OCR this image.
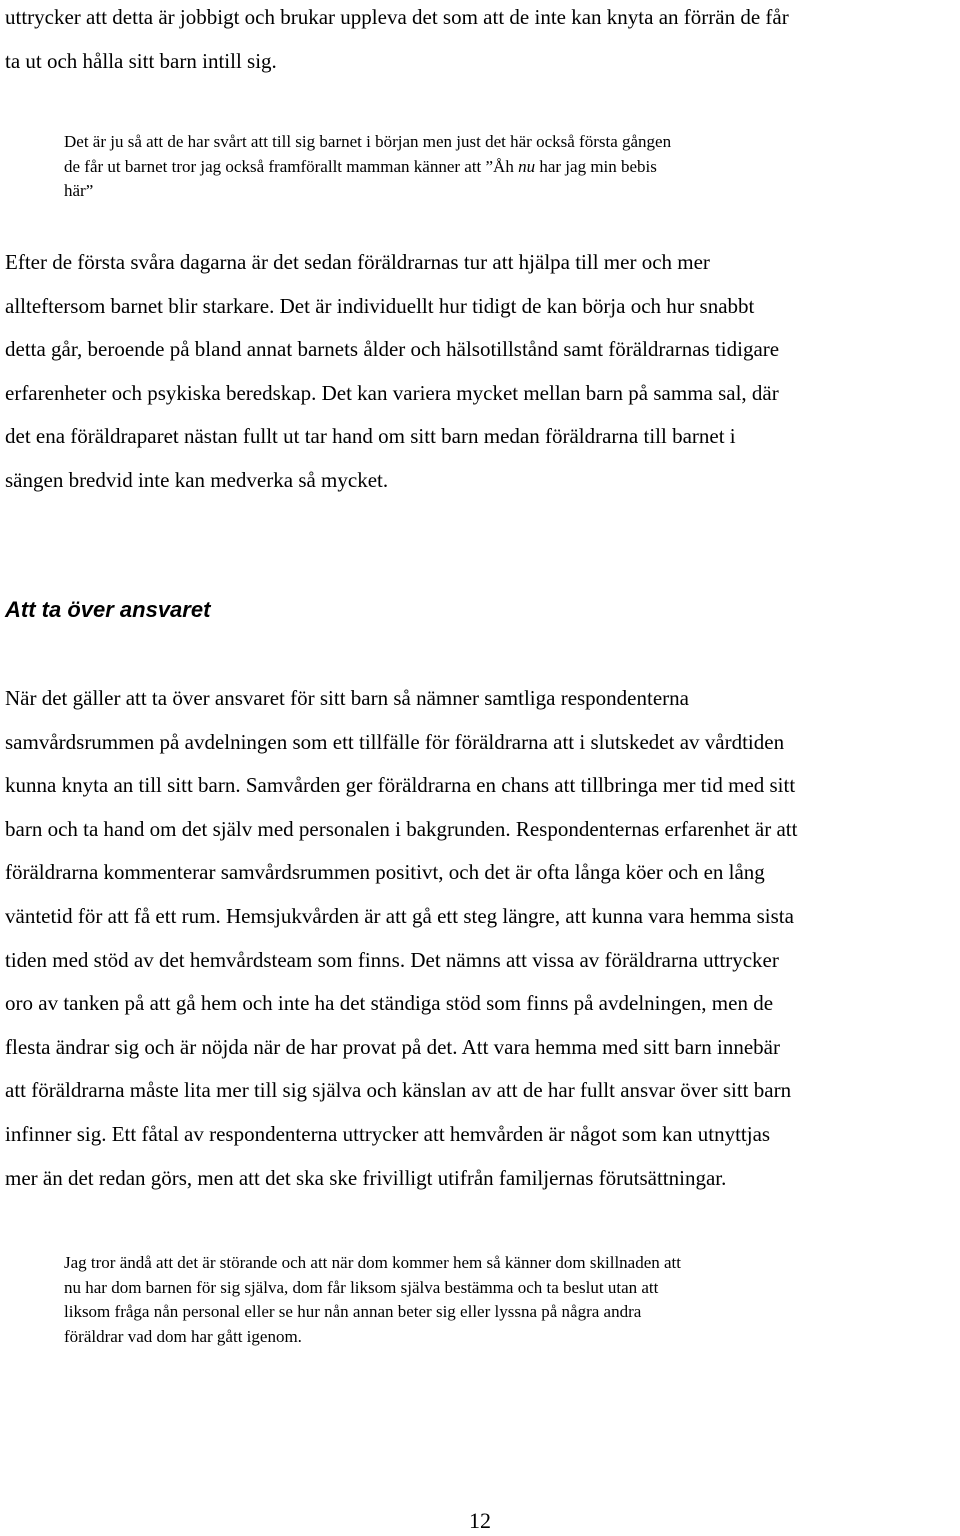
uttrycker att detta är jobbigt och brukar uppleva det som att de inte kan knyta an förrän de får
ta ut och hålla sitt barn intill sig.

Det är ju så att de har svårt att till sig barnet i början men just det här också första gången
de får ut barnet tror jag också framförallt mamman känner att ”Åh nu har jag min bebis
här”

Efter de första svåra dagarna är det sedan föräldrarnas tur att hjälpa till mer och mer
allteftersom barnet blir starkare. Det är individuellt hur tidigt de kan börja och hur snabbt
detta går, beroende på bland annat barnets ålder och hälsotillstånd samt föräldrarnas tidigare
erfarenheter och psykiska beredskap. Det kan variera mycket mellan barn på samma sal, där
det ena föräldraparet nästan fullt ut tar hand om sitt barn medan föräldrarna till barnet i
sängen bredvid inte kan medverka så mycket.

Att ta över ansvaret

När det gäller att ta över ansvaret för sitt barn så nämner samtliga respondenterna
samvårdsrummen på avdelningen som ett tillfälle för föräldrarna att i slutskedet av vårdtiden
kunna knyta an till sitt barn. Samvården ger föräldrarna en chans att tillbringa mer tid med sitt
barn och ta hand om det själv med personalen i bakgrunden. Respondenternas erfarenhet är att
föräldrarna kommenterar samvårdsrummen positivt, och det är ofta långa köer och en lång
väntetid för att få ett rum. Hemsjukvården är att gå ett steg längre, att kunna vara hemma sista
tiden med stöd av det hemvårdsteam som finns. Det nämns att vissa av föräldrarna uttrycker
oro av tanken på att gå hem och inte ha det ständiga stöd som finns på avdelningen, men de
flesta ändrar sig och är nöjda när de har provat på det. Att vara hemma med sitt barn innebär
att föräldrarna måste lita mer till sig själva och känslan av att de har fullt ansvar över sitt barn
infinner sig. Ett fåtal av respondenterna uttrycker att hemvården är något som kan utnyttjas
mer än det redan görs, men att det ska ske frivilligt utifrån familjernas förutsättningar.

Jag tror ändå att det är störande och att när dom kommer hem så känner dom skillnaden att
nu har dom barnen för sig själva, dom får liksom själva bestämma och ta beslut utan att
liksom fråga nån personal eller se hur nån annan beter sig eller lyssna på några andra
föräldrar vad dom har gått igenom.

12
